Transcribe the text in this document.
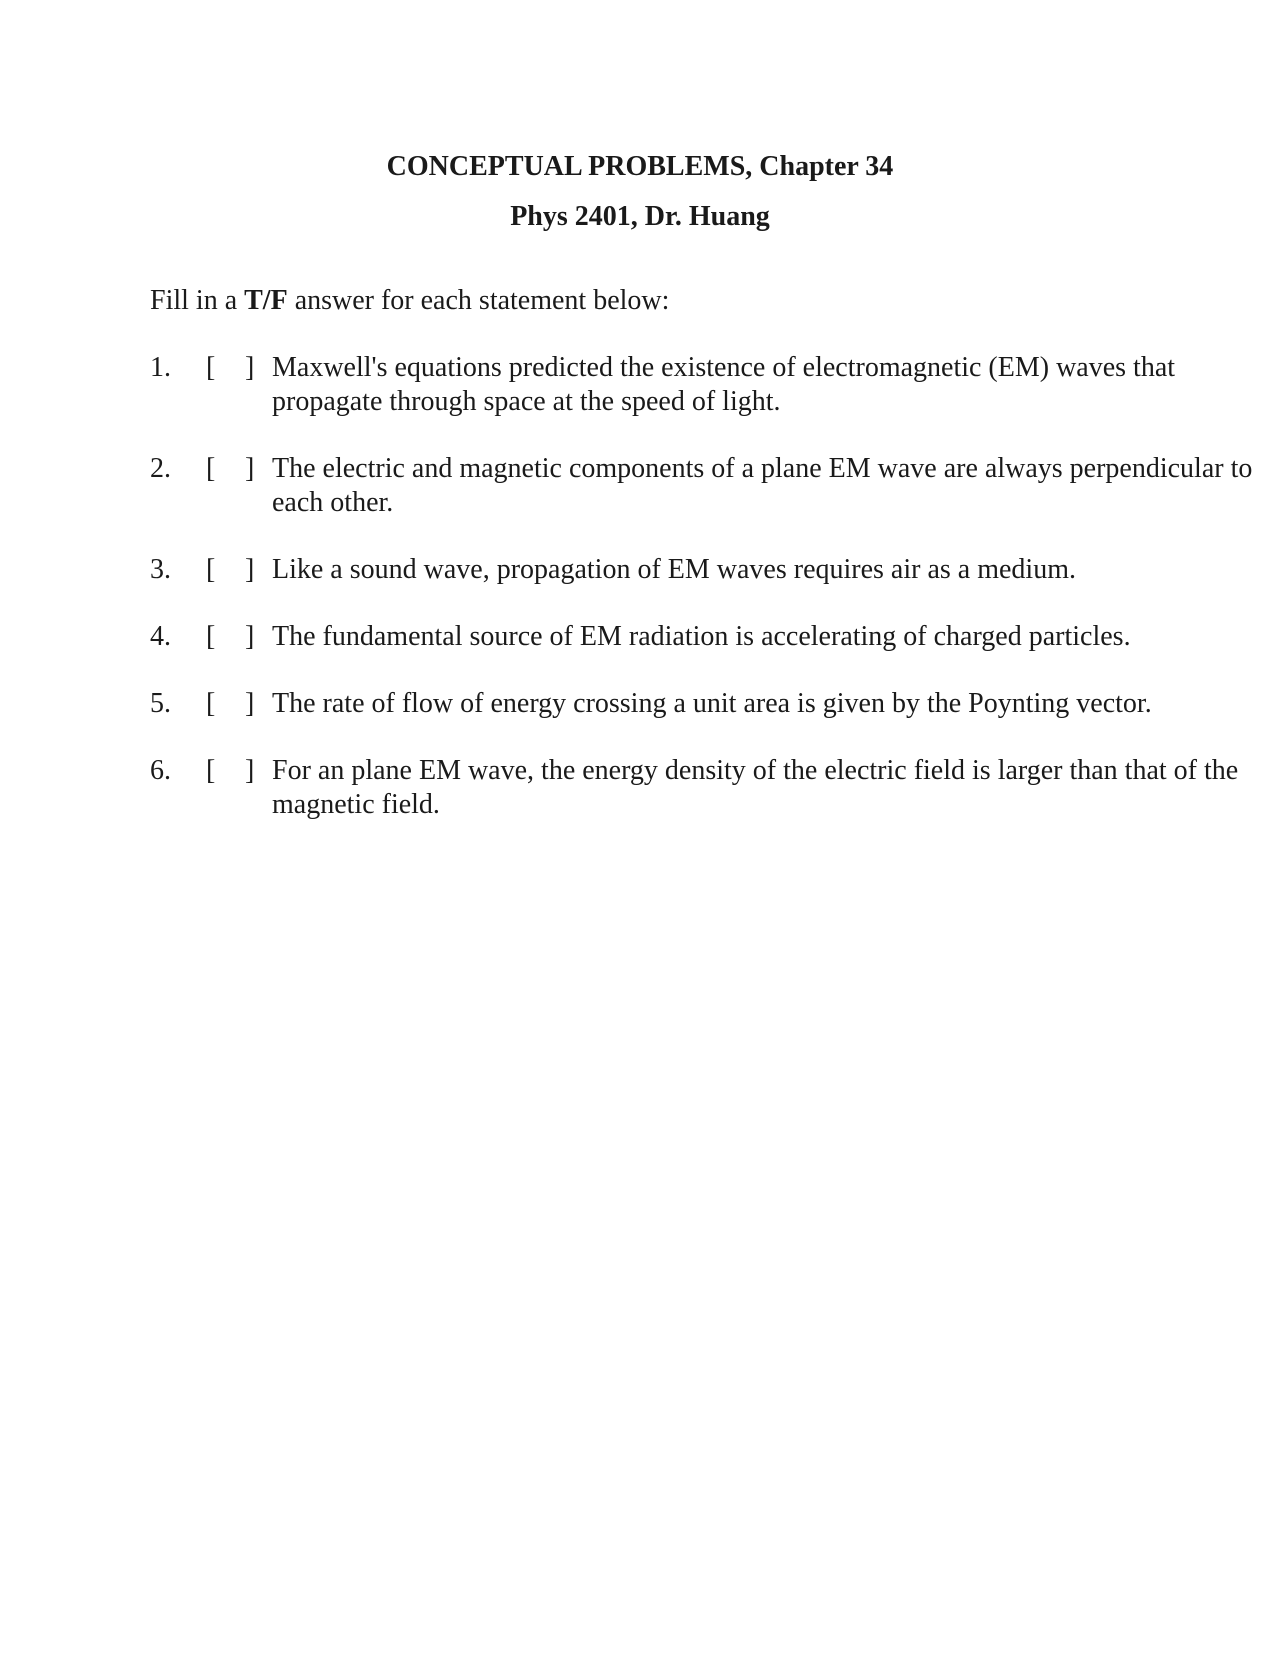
CONCEPTUAL PROBLEMS, Chapter 34
Phys 2401, Dr. Huang
Fill in a T/F answer for each statement below:
1. [ ] Maxwell's equations predicted the existence of electromagnetic (EM) waves that propagate through space at the speed of light.
2. [ ] The electric and magnetic components of a plane EM wave are always perpendicular to each other.
3. [ ] Like a sound wave, propagation of EM waves requires air as a medium.
4. [ ] The fundamental source of EM radiation is accelerating of charged particles.
5. [ ] The rate of flow of energy crossing a unit area is given by the Poynting vector.
6. [ ] For an plane EM wave, the energy density of the electric field is larger than that of the magnetic field.
